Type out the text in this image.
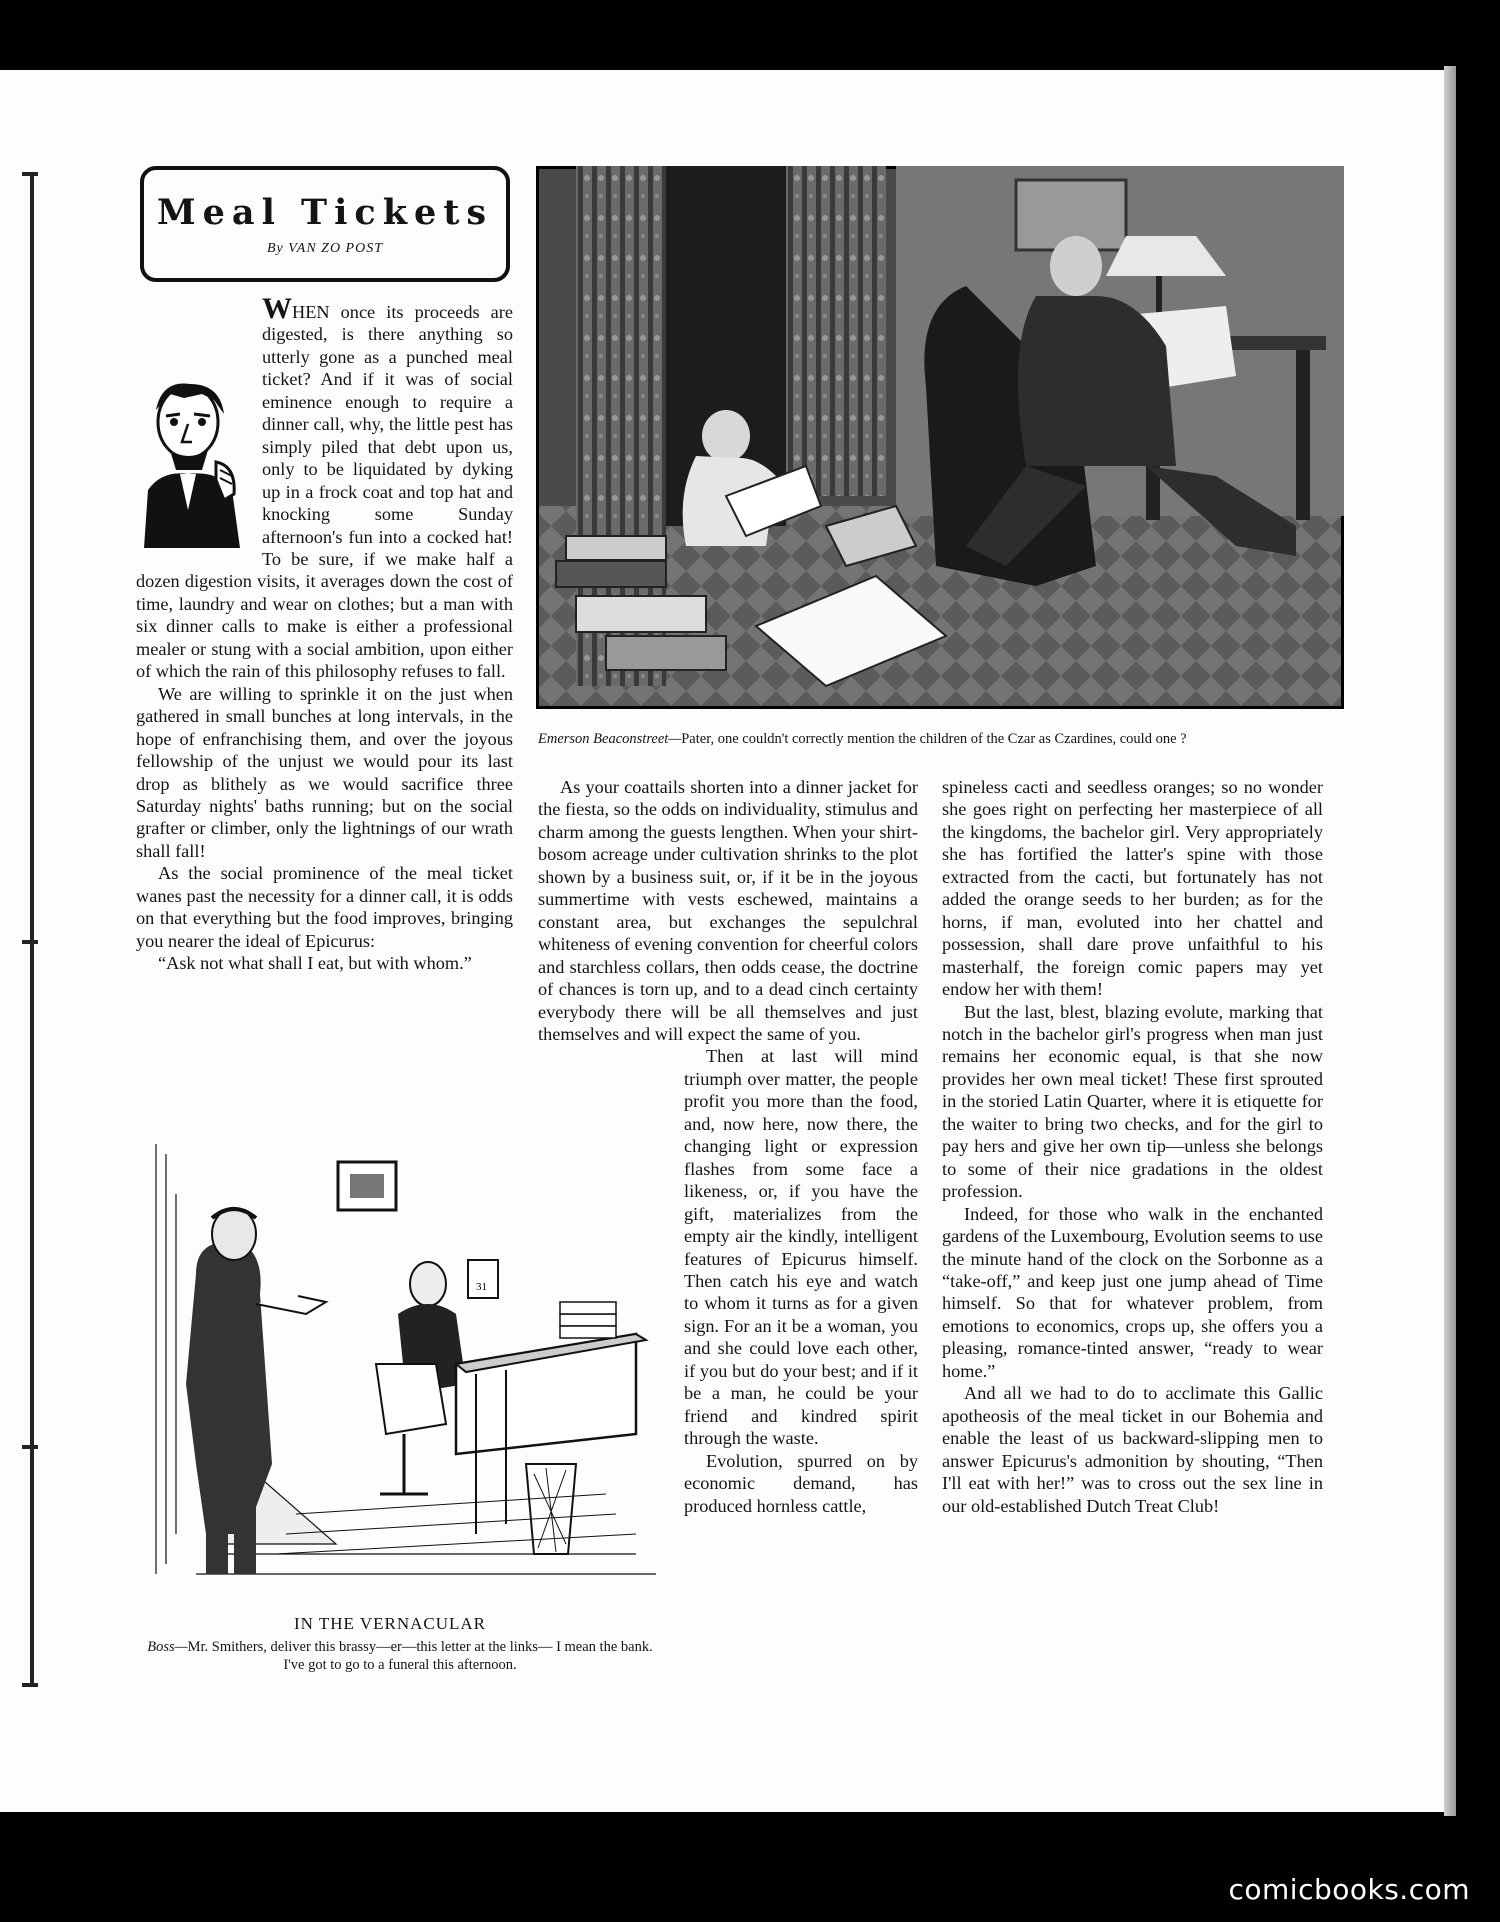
Meal Tickets
By VAN ZO POST

WHEN once its proceeds are digested, is there anything so utterly gone as a punched meal ticket? And if it was of social eminence enough to require a dinner call, why, the little pest has simply piled that debt upon us, only to be liquidated by dyking up in a frock coat and top hat and knocking some Sunday afternoon's fun into a cocked hat! To be sure, if we make half a dozen digestion visits, it averages down the cost of time, laundry and wear on clothes; but a man with six dinner calls to make is either a professional mealer or stung with a social ambition, upon either of which the rain of this philosophy refuses to fall.

We are willing to sprinkle it on the just when gathered in small bunches at long intervals, in the hope of enfranchising them, and over the joyous fellowship of the unjust we would pour its last drop as blithely as we would sacrifice three Saturday nights' baths running; but on the social grafter or climber, only the lightnings of our wrath shall fall!

As the social prominence of the meal ticket wanes past the necessity for a dinner call, it is odds on that everything but the food improves, bringing you nearer the ideal of Epicurus:

“Ask not what shall I eat, but with whom.”

Emerson Beaconstreet—Pater, one couldn't correctly mention the children of the Czar as Czardines, could one ?

As your coattails shorten into a dinner jacket for the fiesta, so the odds on individuality, stimulus and charm among the guests lengthen. When your shirt-bosom acreage under cultivation shrinks to the plot shown by a business suit, or, if it be in the joyous summertime with vests eschewed, maintains a constant area, but exchanges the sepulchral whiteness of evening convention for cheerful colors and starchless collars, then odds cease, the doctrine of chances is torn up, and to a dead cinch certainty everybody there will be all themselves and just themselves and will expect the same of you.

Then at last will mind triumph over matter, the people profit you more than the food, and, now here, now there, the changing light or expression flashes from some face a likeness, or, if you have the gift, materializes from the empty air the kindly, intelligent features of Epicurus himself. Then catch his eye and watch to whom it turns as for a given sign. For an it be a woman, you and she could love each other, if you but do your best; and if it be a man, he could be your friend and kindred spirit through the waste.

Evolution, spurred on by economic demand, has produced hornless cattle,

31
IN THE VERNACULAR
Boss—Mr. Smithers, deliver this brassy—er—this letter at the links— I mean the bank. I've got to go to a funeral this afternoon.

spineless cacti and seedless oranges; so no wonder she goes right on perfecting her masterpiece of all the kingdoms, the bachelor girl. Very appropriately she has fortified the latter's spine with those extracted from the cacti, but fortunately has not added the orange seeds to her burden; as for the horns, if man, evoluted into her chattel and possession, shall dare prove unfaithful to his masterhalf, the foreign comic papers may yet endow her with them!

But the last, blest, blazing evolute, marking that notch in the bachelor girl's progress when man just remains her economic equal, is that she now provides her own meal ticket! These first sprouted in the storied Latin Quarter, where it is etiquette for the waiter to bring two checks, and for the girl to pay hers and give her own tip—unless she belongs to some of their nice gradations in the oldest profession.

Indeed, for those who walk in the enchanted gardens of the Luxembourg, Evolution seems to use the minute hand of the clock on the Sorbonne as a “take-off,” and keep just one jump ahead of Time himself. So that for whatever problem, from emotions to economics, crops up, she offers you a pleasing, romance-tinted answer, “ready to wear home.”

And all we had to do to acclimate this Gallic apotheosis of the meal ticket in our Bohemia and enable the least of us backward-slipping men to answer Epicurus's admonition by shouting, “Then I'll eat with her!” was to cross out the sex line in our old-established Dutch Treat Club!

comicbooks.com
